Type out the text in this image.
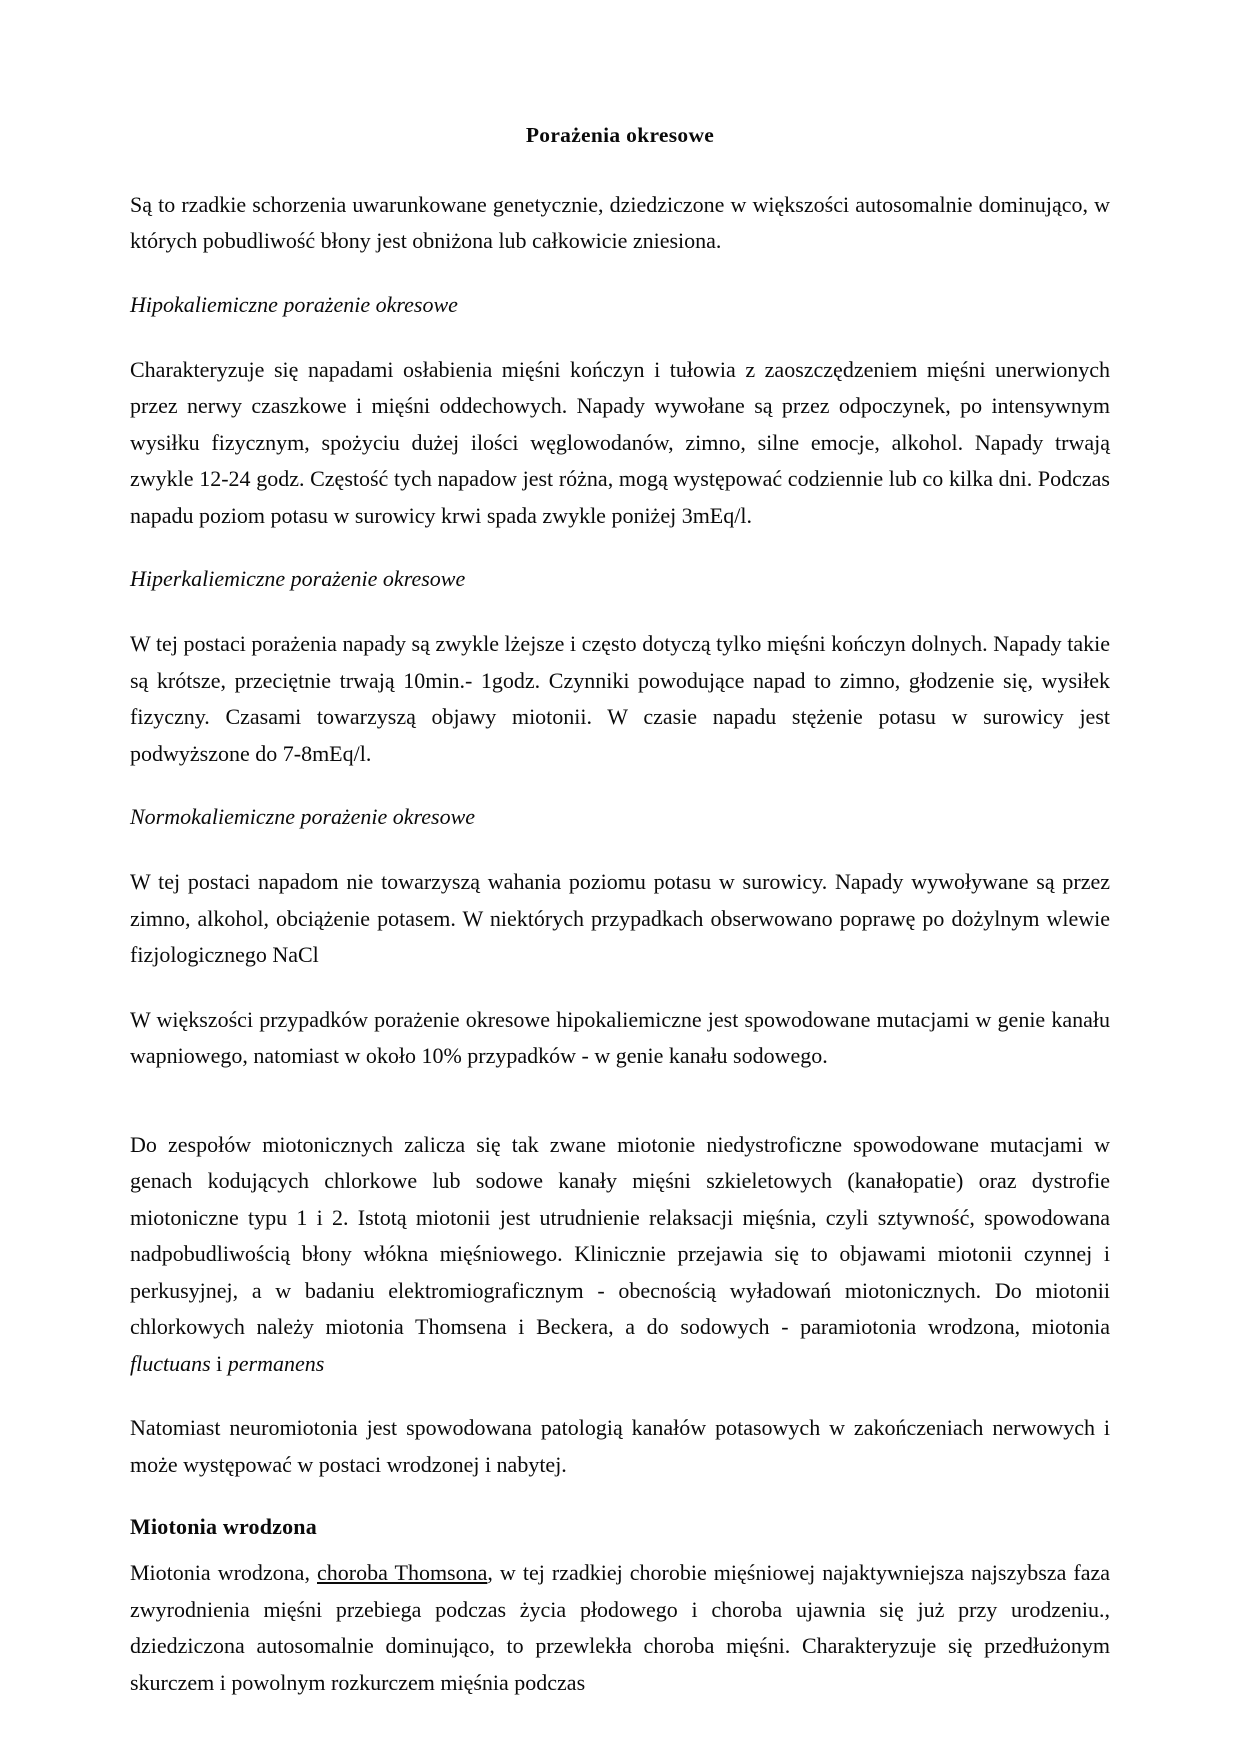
Porażenia okresowe

Są to rzadkie schorzenia uwarunkowane genetycznie, dziedziczone w większości autosomalnie dominująco, w których pobudliwość błony jest obniżona lub całkowicie zniesiona.

Hipokaliemiczne porażenie okresowe

Charakteryzuje się napadami osłabienia mięśni kończyn i tułowia z zaoszczędzeniem mięśni unerwionych przez nerwy czaszkowe i mięśni oddechowych. Napady wywołane są przez odpoczynek, po intensywnym wysiłku fizycznym, spożyciu dużej ilości węglowodanów, zimno, silne emocje, alkohol. Napady trwają zwykle 12-24 godz. Częstość tych napadow jest różna, mogą występować codziennie lub co kilka dni. Podczas napadu poziom potasu w surowicy krwi spada zwykle poniżej 3mEq/l.

Hiperkaliemiczne porażenie okresowe

W tej postaci porażenia napady są zwykle lżejsze i często dotyczą tylko mięśni kończyn dolnych. Napady takie są krótsze, przeciętnie trwają 10min.- 1godz. Czynniki powodujące napad to zimno, głodzenie się, wysiłek fizyczny. Czasami towarzyszą objawy miotonii. W czasie napadu stężenie potasu w surowicy jest podwyższone do 7-8mEq/l.

Normokaliemiczne porażenie okresowe

W tej postaci napadom nie towarzyszą wahania poziomu potasu w surowicy. Napady wywoływane są przez zimno, alkohol, obciążenie potasem. W niektórych przypadkach obserwowano poprawę po dożylnym wlewie fizjologicznego NaCl

W większości przypadków porażenie okresowe hipokaliemiczne jest spowodowane mutacjami w genie kanału wapniowego, natomiast w około 10% przypadków - w genie kanału sodowego.

Do zespołów miotonicznych zalicza się tak zwane miotonie niedystroficzne spowodowane mutacjami w genach kodujących chlorkowe lub sodowe kanały mięśni szkieletowych (kanałopatie) oraz dystrofie miotoniczne typu 1 i 2. Istotą miotonii jest utrudnienie relaksacji mięśnia, czyli sztywność, spowodowana nadpobudliwością błony włókna mięśniowego. Klinicznie przejawia się to objawami miotonii czynnej i perkusyjnej, a w badaniu elektromiograficznym - obecnością wyładowań miotonicznych. Do miotonii chlorkowych należy miotonia Thomsena i Beckera, a do sodowych - paramiotonia wrodzona, miotonia fluctuans i permanens

Natomiast neuromiotonia jest spowodowana patologią kanałów potasowych w zakończeniach nerwowych i może występować w postaci wrodzonej i nabytej.

Miotonia wrodzona

Miotonia wrodzona, choroba Thomsona, w tej rzadkiej chorobie mięśniowej najaktywniejsza najszybsza faza zwyrodnienia mięśni przebiega podczas życia płodowego i choroba ujawnia się już przy urodzeniu., dziedziczona autosomalnie dominująco, to przewlekła choroba mięśni. Charakteryzuje się przedłużonym skurczem i powolnym rozkurczem mięśnia podczas
